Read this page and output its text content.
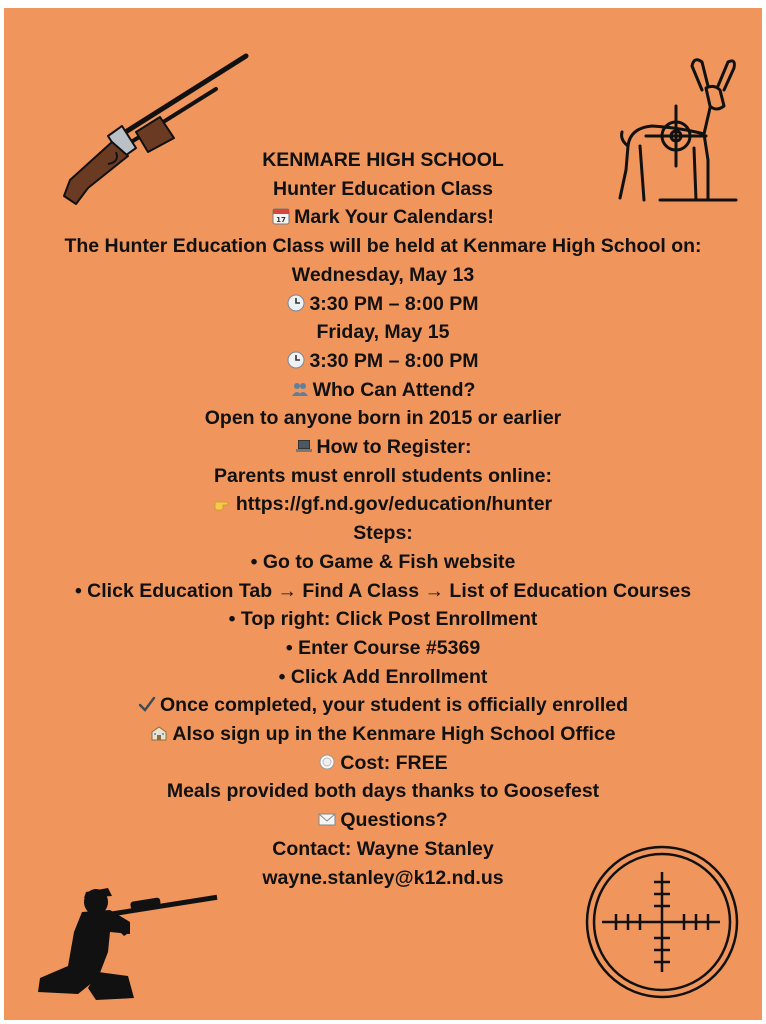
KENMARE HIGH SCHOOL
Hunter Education Class
17 Mark Your Calendars!
The Hunter Education Class will be held at Kenmare High School on:
Wednesday, May 13
3:30 PM – 8:00 PM
Friday, May 15
3:30 PM – 8:00 PM
Who Can Attend?
Open to anyone born in 2015 or earlier
How to Register:
Parents must enroll students online:
https://gf.nd.gov/education/hunter
Steps:
• Go to Game & Fish website
• Click Education Tab → Find A Class → List of Education Courses
• Top right: Click Post Enrollment
• Enter Course #5369
• Click Add Enrollment
Once completed, your student is officially enrolled
Also sign up in the Kenmare High School Office
Cost: FREE
Meals provided both days thanks to Goosefest
Questions?
Contact: Wayne Stanley
wayne.stanley@k12.nd.us
